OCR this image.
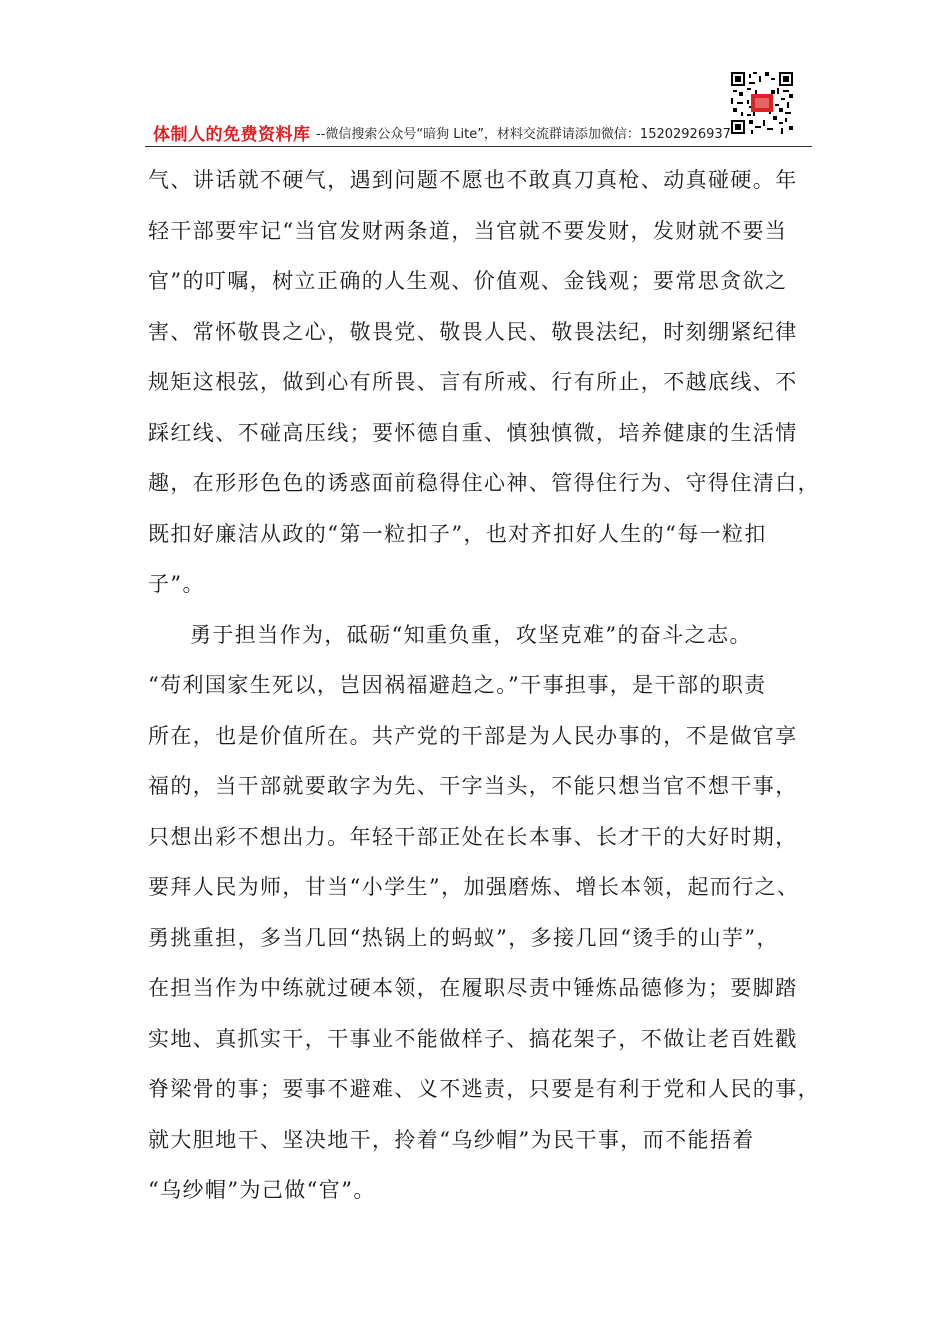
体制人的免费资料库 --微信搜索公众号“暗狗 Lite”，材料交流群请添加微信：15202926937
气、讲话就不硬气，遇到问题不愿也不敢真刀真枪、动真碰硬。年
轻干部要牢记“当官发财两条道，当官就不要发财，发财就不要当
官”的叮嘱，树立正确的人生观、价值观、金钱观；要常思贪欲之
害、常怀敬畏之心，敬畏党、敬畏人民、敬畏法纪，时刻绷紧纪律
规矩这根弦，做到心有所畏、言有所戒、行有所止，不越底线、不
踩红线、不碰高压线；要怀德自重、慎独慎微，培养健康的生活情
趣，在形形色色的诱惑面前稳得住心神、管得住行为、守得住清白，
既扣好廉洁从政的“第一粒扣子”，也对齐扣好人生的“每一粒扣
子”。
勇于担当作为，砥砺“知重负重，攻坚克难”的奋斗之志。
“苟利国家生死以，岂因祸福避趋之。”干事担事，是干部的职责
所在，也是价值所在。共产党的干部是为人民办事的，不是做官享
福的，当干部就要敢字为先、干字当头，不能只想当官不想干事，
只想出彩不想出力。年轻干部正处在长本事、长才干的大好时期，
要拜人民为师，甘当“小学生”，加强磨炼、增长本领，起而行之、
勇挑重担，多当几回“热锅上的蚂蚁”，多接几回“烫手的山芋”，
在担当作为中练就过硬本领，在履职尽责中锤炼品德修为；要脚踏
实地、真抓实干，干事业不能做样子、搞花架子，不做让老百姓戳
脊梁骨的事；要事不避难、义不逃责，只要是有利于党和人民的事，
就大胆地干、坚决地干，拎着“乌纱帽”为民干事，而不能捂着
“乌纱帽”为己做“官”。
